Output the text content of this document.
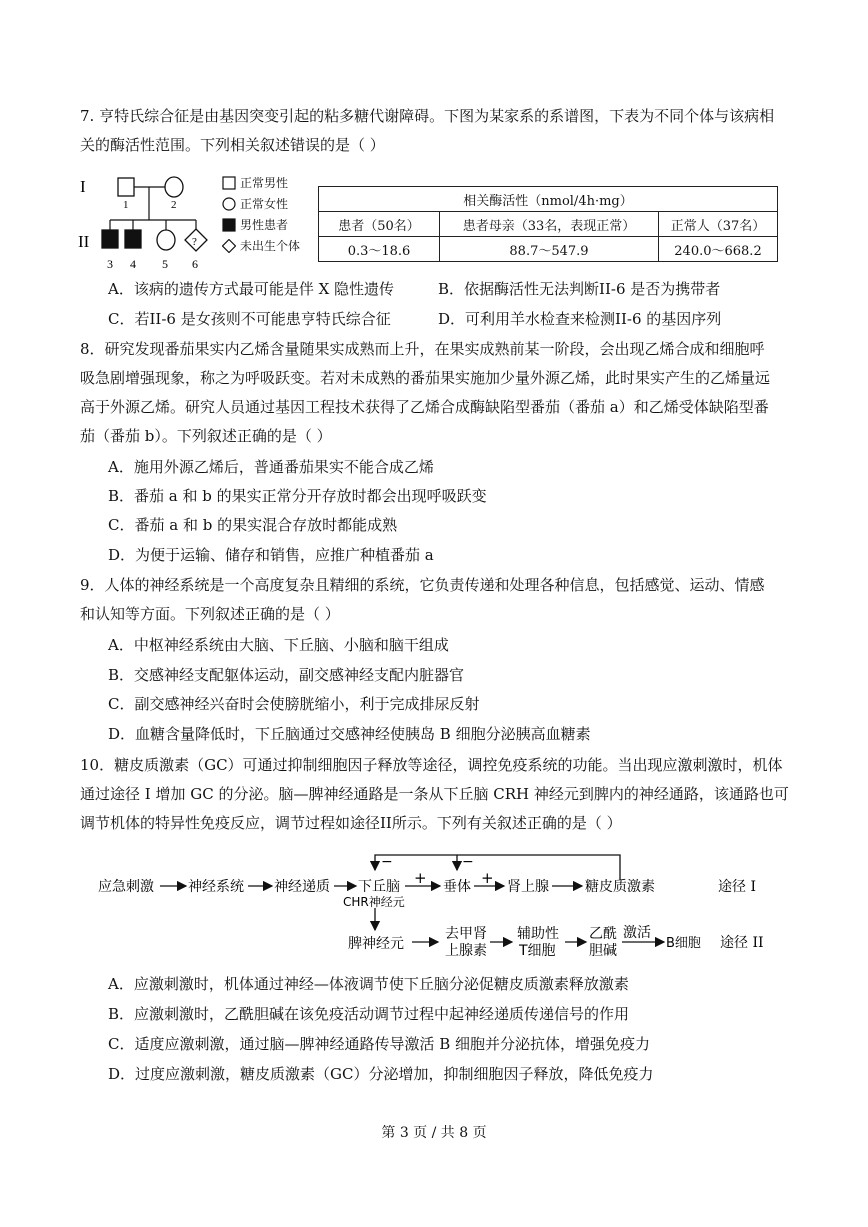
7. 亨特氏综合征是由基因突变引起的粘多糖代谢障碍。下图为某家系的系谱图，下表为不同个体与该病相
关的酶活性范围。下列相关叙述错误的是（ ）
I
II
1	2
?
3 4 5 6
正常男性
正常女性
男性患者
未出生个体
相关酶活性（nmol/4h·mg）		
患者（50名）	患者母亲（33名，表现正常）	正常人（37名）
0.3～18.6	88.7～547.9	240.0～668.2
A．该病的遗传方式最可能是伴 X 隐性遗传	B．依据酶活性无法判断II-6 是否为携带者
C．若II-6 是女孩则不可能患亨特氏综合征	D．可利用羊水检查来检测II-6 的基因序列
8．研究发现番茄果实内乙烯含量随果实成熟而上升，在果实成熟前某一阶段，会出现乙烯合成和细胞呼
吸急剧增强现象，称之为呼吸跃变。若对未成熟的番茄果实施加少量外源乙烯，此时果实产生的乙烯量远
高于外源乙烯。研究人员通过基因工程技术获得了乙烯合成酶缺陷型番茄（番茄 a）和乙烯受体缺陷型番
茄（番茄 b）。下列叙述正确的是（ ）
A．施用外源乙烯后，普通番茄果实不能合成乙烯
B．番茄 a 和 b 的果实正常分开存放时都会出现呼吸跃变
C．番茄 a 和 b 的果实混合存放时都能成熟
D．为便于运输、储存和销售，应推广种植番茄 a
9．人体的神经系统是一个高度复杂且精细的系统，它负责传递和处理各种信息，包括感觉、运动、情感
和认知等方面。下列叙述正确的是（ ）
A．中枢神经系统由大脑、下丘脑、小脑和脑干组成
B．交感神经支配躯体运动，副交感神经支配内脏器官
C．副交感神经兴奋时会使膀胱缩小，利于完成排尿反射
D．血糖含量降低时，下丘脑通过交感神经使胰岛 B 细胞分泌胰高血糖素
10．糖皮质激素（GC）可通过抑制细胞因子释放等途径，调控免疫系统的功能。当出现应激刺激时，机体
通过途径 I 增加 GC 的分泌。脑—脾神经通路是一条从下丘脑 CRH 神经元到脾内的神经通路，该通路也可
调节机体的特异性免疫反应，调节过程如途径II所示。下列有关叙述正确的是（ ）
−	−
应急刺激 神经系统 神经递质 下丘脑
CHR神经元
+ 垂体 + 肾上腺	糖皮质激素	途径 I
脾神经元
去甲肾
上腺素
辅助性
T细胞
乙酰
胆碱
激活
B细胞 途径 II
A．应激刺激时，机体通过神经—体液调节使下丘脑分泌促糖皮质激素释放激素
B．应激刺激时，乙酰胆碱在该免疫活动调节过程中起神经递质传递信号的作用
C．适度应激刺激，通过脑—脾神经通路传导激活 B 细胞并分泌抗体，增强免疫力
D．过度应激刺激，糖皮质激素（GC）分泌增加，抑制细胞因子释放，降低免疫力
第 3 页 / 共 8 页
